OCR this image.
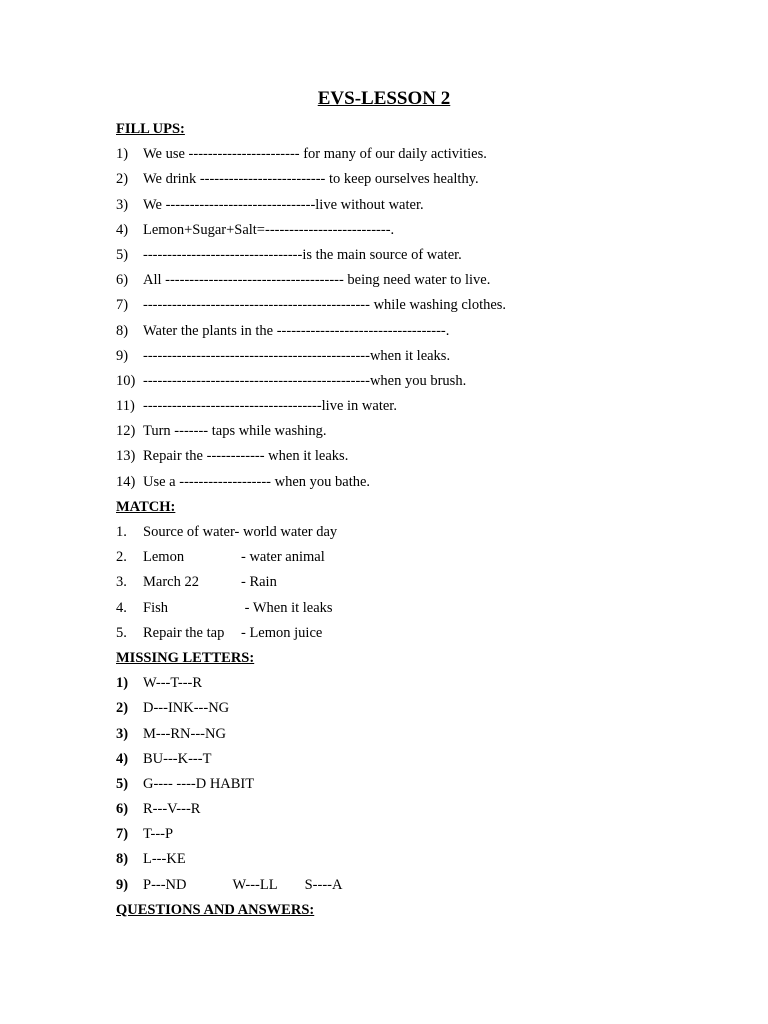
EVS-LESSON 2
FILL UPS:
1) We use ----------------------- for many of our daily activities.
2) We drink -------------------------- to keep ourselves healthy.
3) We -------------------------------live without water.
4) Lemon+Sugar+Salt=--------------------------.
5) ---------------------------------is the main source of water.
6) All ------------------------------------- being need water to live.
7) ----------------------------------------------- while washing clothes.
8) Water the plants in the -----------------------------------.
9) -----------------------------------------------when it leaks.
10) -----------------------------------------------when you brush.
11) -------------------------------------live in water.
12) Turn ------- taps while washing.
13) Repair the ------------ when it leaks.
14) Use a ------------------- when you bathe.
MATCH:
1. Source of water- world water day
2. Lemon	- water animal
3. March 22	- Rain
4. Fish	- When it leaks
5. Repair the tap - Lemon juice
MISSING LETTERS:
1) W---T---R
2) D---INK---NG
3) M---RN---NG
4) BU---K---T
5) G---- ----D HABIT
6) R---V---R
7) T---P
8) L---KE
9) P---ND	W---LL S----A
QUESTIONS AND ANSWERS:
